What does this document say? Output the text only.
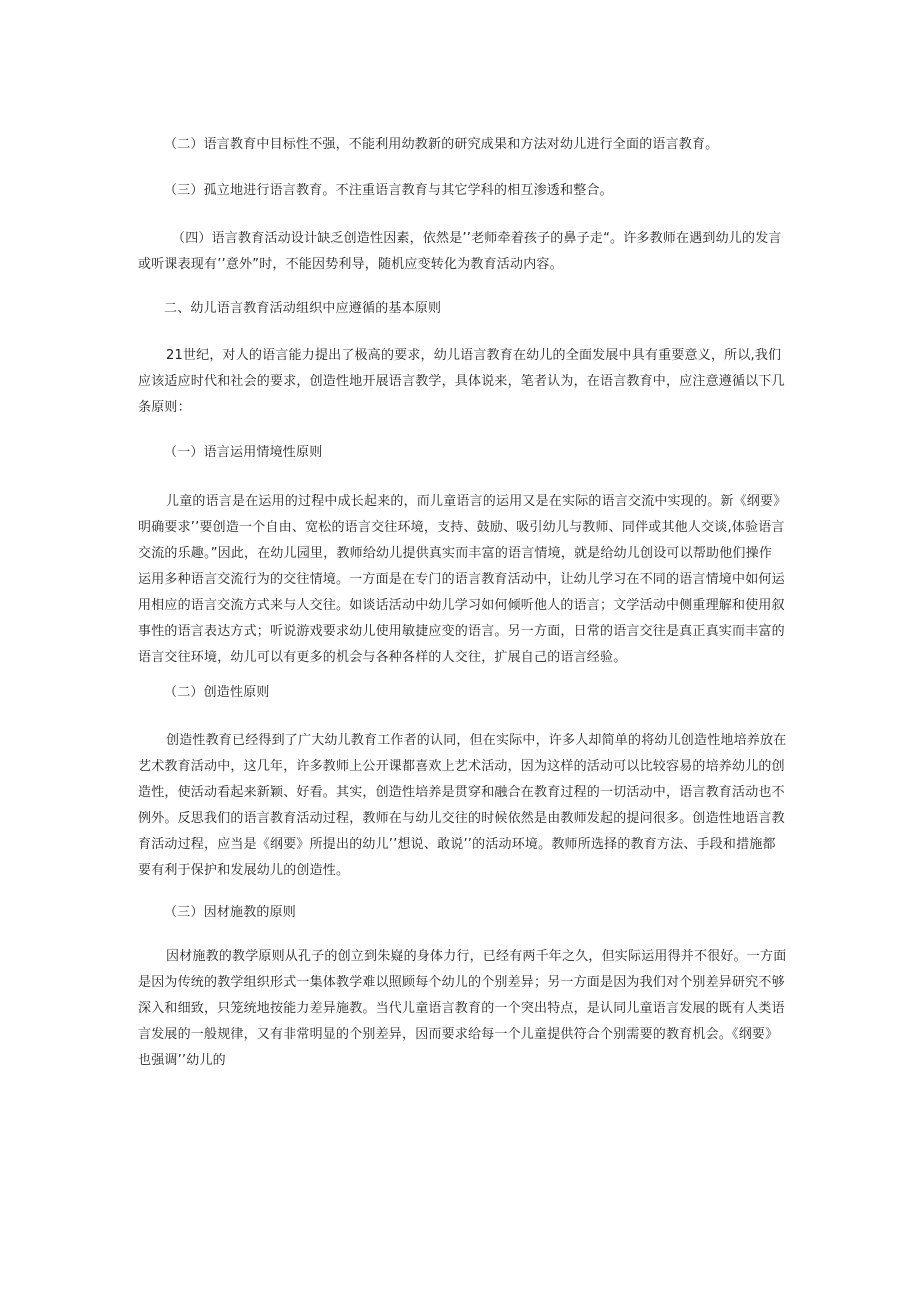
（二）语言教育中目标性不强，不能利用幼教新的研究成果和方法对幼儿进行全面的语言教育。

（三）孤立地进行语言教育。不注重语言教育与其它学科的相互渗透和整合。

（四）语言教育活动设计缺乏创造性因素，依然是’’老师牵着孩子的鼻子走“。许多教师在遇到幼儿的发言
或听课表现有’’意外”时，不能因势利导，随机应变转化为教育活动内容。

二、幼儿语言教育活动组织中应遵循的基本原则

21世纪，对人的语言能力提出了极高的要求，幼儿语言教育在幼儿的全面发展中具有重要意义，所以,我们
应该适应时代和社会的要求，创造性地开展语言教学，具体说来，笔者认为，在语言教育中，应注意遵循以下几
条原则：

（一）语言运用情境性原则

儿童的语言是在运用的过程中成长起来的，而儿童语言的运用又是在实际的语言交流中实现的。新《纲要》
明确要求’’要创造一个自由、宽松的语言交往环境，支持、鼓励、吸引幼儿与教师、同伴或其他人交谈,体验语言
交流的乐趣。”因此，在幼儿园里，教师给幼儿提供真实而丰富的语言情境，就是给幼儿创设可以帮助他们操作
运用多种语言交流行为的交往情境。一方面是在专门的语言教育活动中，让幼儿学习在不同的语言情境中如何运
用相应的语言交流方式来与人交往。如谈话活动中幼儿学习如何倾听他人的语言；文学活动中侧重理解和使用叙
事性的语言表达方式；听说游戏要求幼儿使用敏捷应变的语言。另一方面，日常的语言交往是真正真实而丰富的
语言交往环境，幼儿可以有更多的机会与各种各样的人交往，扩展自己的语言经验。

（二）创造性原则

创造性教育已经得到了广大幼儿教育工作者的认同，但在实际中，许多人却简单的将幼儿创造性地培养放在
艺术教育活动中，这几年，许多教师上公开课都喜欢上艺术活动，因为这样的活动可以比较容易的培养幼儿的创
造性，使活动看起来新颖、好看。其实，创造性培养是贯穿和融合在教育过程的一切活动中，语言教育活动也不
例外。反思我们的语言教育活动过程，教师在与幼儿交往的时候依然是由教师发起的提问很多。创造性地语言教
育活动过程，应当是《纲要》所提出的幼儿’’想说、敢说’’的活动环境。教师所选择的教育方法、手段和措施都
要有利于保护和发展幼儿的创造性。

（三）因材施教的原则

因材施教的教学原则从孔子的创立到朱嶷的身体力行，已经有两千年之久，但实际运用得并不很好。一方面
是因为传统的教学组织形式一集体教学难以照顾每个幼儿的个别差异；另一方面是因为我们对个别差异研究不够
深入和细致，只笼统地按能力差异施教。当代儿童语言教育的一个突出特点，是认同儿童语言发展的既有人类语
言发展的一般规律，又有非常明显的个别差异，因而要求给每一个儿童提供符合个别需要的教育机会。《纲要》
也强调’’幼儿的
